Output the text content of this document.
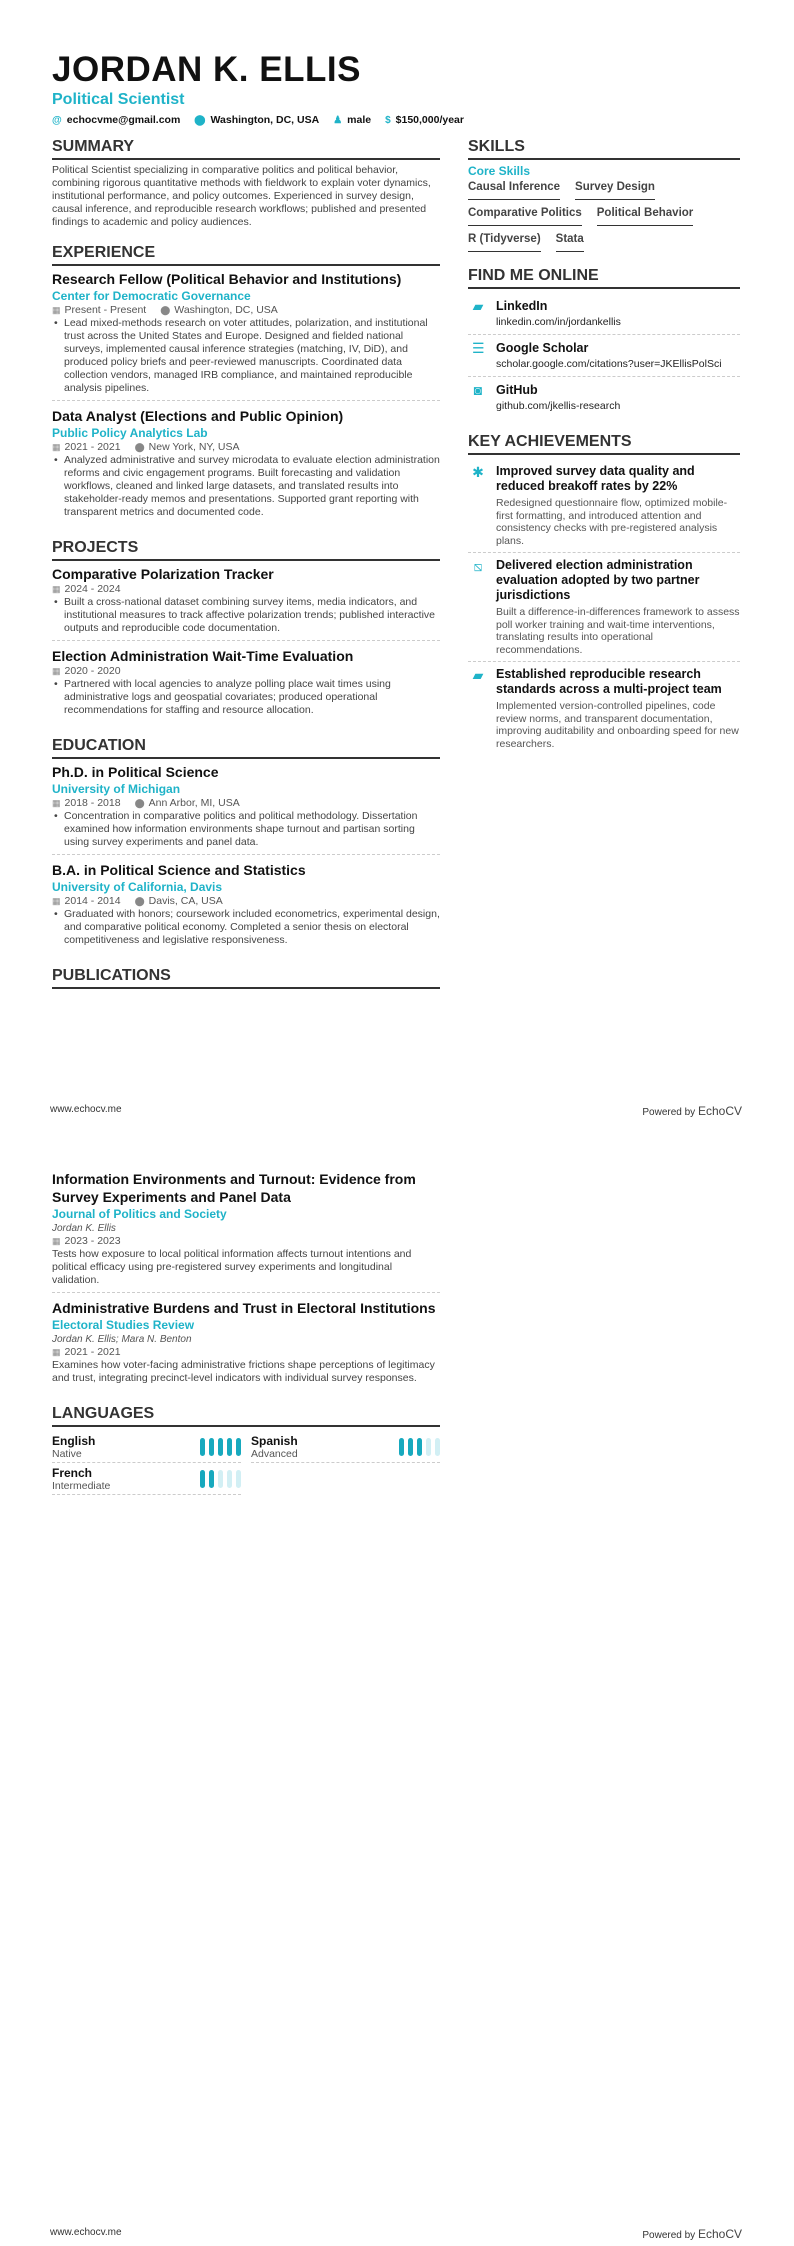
JORDAN K. ELLIS
Political Scientist
@ echocvme@gmail.com ⬤ Washington, DC, USA ♟ male $ $150,000/year
SUMMARY
Political Scientist specializing in comparative politics and political behavior, combining rigorous quantitative methods with fieldwork to explain voter dynamics, institutional performance, and policy outcomes. Experienced in survey design, causal inference, and reproducible research workflows; published and presented findings to academic and policy audiences.
EXPERIENCE
Research Fellow (Political Behavior and Institutions)
Center for Democratic Governance
▦ Present - Present ⬤ Washington, DC, USA
• Lead mixed-methods research on voter attitudes, polarization, and institutional trust across the United States and Europe. Designed and fielded national surveys, implemented causal inference strategies (matching, IV, DiD), and produced policy briefs and peer-reviewed manuscripts. Coordinated data collection vendors, managed IRB compliance, and maintained reproducible analysis pipelines.
Data Analyst (Elections and Public Opinion)
Public Policy Analytics Lab
▦ 2021 - 2021 ⬤ New York, NY, USA
• Analyzed administrative and survey microdata to evaluate election administration reforms and civic engagement programs. Built forecasting and validation workflows, cleaned and linked large datasets, and translated results into stakeholder-ready memos and presentations. Supported grant reporting with transparent metrics and documented code.
PROJECTS
Comparative Polarization Tracker
▦ 2024 - 2024
• Built a cross-national dataset combining survey items, media indicators, and institutional measures to track affective polarization trends; published interactive outputs and reproducible code documentation.
Election Administration Wait-Time Evaluation
▦ 2020 - 2020
• Partnered with local agencies to analyze polling place wait times using administrative logs and geospatial covariates; produced operational recommendations for staffing and resource allocation.
EDUCATION
Ph.D. in Political Science
University of Michigan
▦ 2018 - 2018 ⬤ Ann Arbor, MI, USA
• Concentration in comparative politics and political methodology. Dissertation examined how information environments shape turnout and partisan sorting using survey experiments and panel data.
B.A. in Political Science and Statistics
University of California, Davis
▦ 2014 - 2014 ⬤ Davis, CA, USA
• Graduated with honors; coursework included econometrics, experimental design, and comparative political economy. Completed a senior thesis on electoral competitiveness and legislative responsiveness.
PUBLICATIONS
SKILLS
Core Skills
Causal Inference Survey Design
Comparative Politics Political Behavior
R (Tidyverse) Stata
FIND ME ONLINE
▰ LinkedIn
linkedin.com/in/jordankellis
☰ Google Scholar
scholar.google.com/citations?user=JKEllisPolSci
◙ GitHub
github.com/jkellis-research
KEY ACHIEVEMENTS
✱ Improved survey data quality and reduced breakoff rates by 22%
Redesigned questionnaire flow, optimized mobile-first formatting, and introduced attention and consistency checks with pre-registered analysis plans.
⧅ Delivered election administration evaluation adopted by two partner jurisdictions
Built a difference-in-differences framework to assess poll worker training and wait-time interventions, translating results into operational recommendations.
▰ Established reproducible research standards across a multi-project team
Implemented version-controlled pipelines, code review norms, and transparent documentation, improving auditability and onboarding speed for new researchers.
www.echocv.me	Powered by EchoCV
Information Environments and Turnout: Evidence from Survey Experiments and Panel Data
Journal of Politics and Society
Jordan K. Ellis
▦ 2023 - 2023
Tests how exposure to local political information affects turnout intentions and political efficacy using pre-registered survey experiments and longitudinal validation.
Administrative Burdens and Trust in Electoral Institutions
Electoral Studies Review
Jordan K. Ellis; Mara N. Benton
▦ 2021 - 2021
Examines how voter-facing administrative frictions shape perceptions of legitimacy and trust, integrating precinct-level indicators with individual survey responses.
LANGUAGES
English
Native
Spanish
Advanced
French
Intermediate
www.echocv.me	Powered by EchoCV
